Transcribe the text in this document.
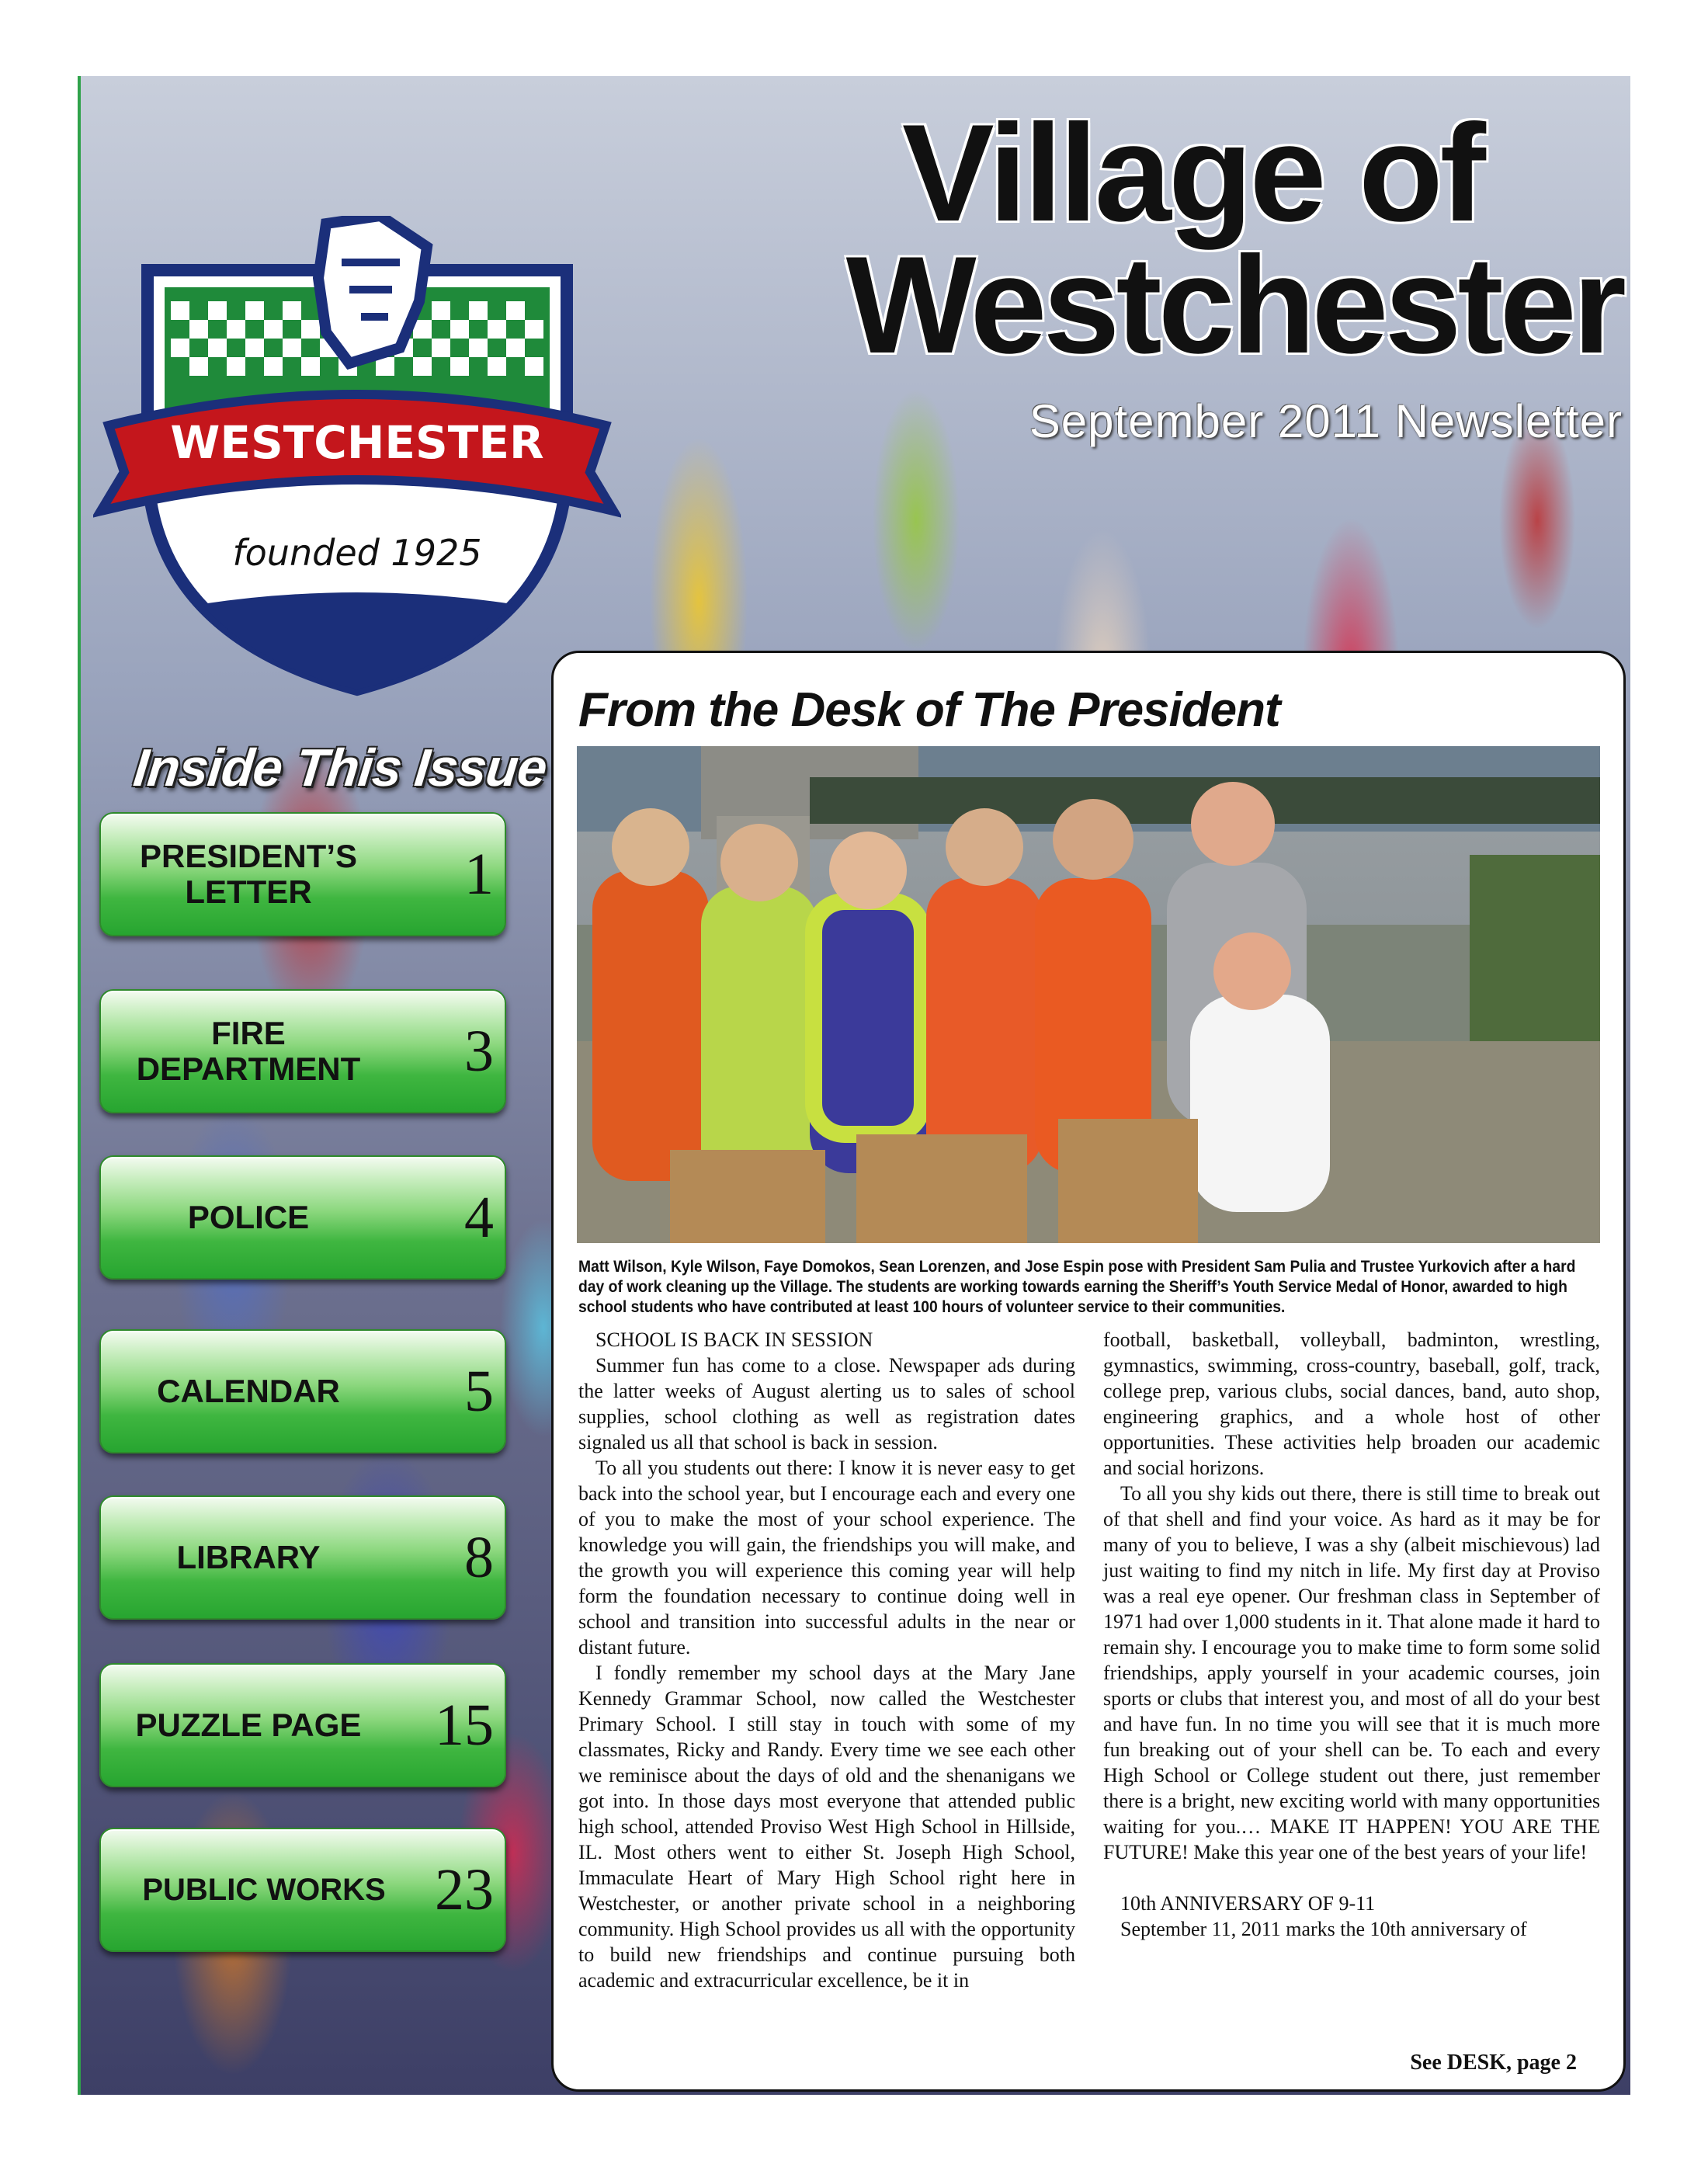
Village of
Westchester
September 2011 Newsletter
WESTCHESTER
founded 1925
Inside This Issue
PRESIDENT’S LETTER	1
FIRE DEPARTMENT	3
POLICE	4
CALENDAR	5
LIBRARY	8
PUZZLE PAGE 15
PUBLIC WORKS 23
From the Desk of The President
Matt Wilson, Kyle Wilson, Faye Domokos, Sean Lorenzen, and Jose Espin pose with President Sam Pulia and Trustee Yurkovich after a hard day of work cleaning up the Village. The students are working towards earning the Sheriff’s Youth Service Medal of Honor, awarded to high school students who have contributed at least 100 hours of volunteer service to their communities.

SCHOOL IS BACK IN SESSION

Summer fun has come to a close. Newspaper ads during the latter weeks of August alerting us to sales of school supplies, school clothing as well as registration dates signaled us all that school is back in session.

To all you students out there: I know it is never easy to get back into the school year, but I encourage each and every one of you to make the most of your school experience. The knowledge you will gain, the friendships you will make, and the growth you will experience this coming year will help form the foundation necessary to continue doing well in school and transition into successful adults in the near or distant future.

I fondly remember my school days at the Mary Jane Kennedy Grammar School, now called the Westchester Primary School. I still stay in touch with some of my classmates, Ricky and Randy. Every time we see each other we reminisce about the days of old and the shenanigans we got into. In those days most everyone that attended public high school, attended Proviso West High School in Hillside, IL. Most others went to either St. Joseph High School, Immaculate Heart of Mary High School right here in Westchester, or another private school in a neighboring community. High School provides us all with the opportunity to build new friendships and continue pursuing both academic and extracurricular excellence, be it in

football, basketball, volleyball, badminton, wrestling, gymnastics, swimming, cross-country, baseball, golf, track, college prep, various clubs, social dances, band, auto shop, engineering graphics, and a whole host of other opportunities. These activities help broaden our academic and social horizons.

To all you shy kids out there, there is still time to break out of that shell and find your voice. As hard as it may be for many of you to believe, I was a shy (albeit mischievous) lad just waiting to find my nitch in life. My first day at Proviso was a real eye opener. Our freshman class in September of 1971 had over 1,000 students in it. That alone made it hard to remain shy. I encourage you to make time to form some solid friendships, apply yourself in your academic courses, join sports or clubs that interest you, and most of all do your best and have fun. In no time you will see that it is much more fun breaking out of your shell can be. To each and every High School or College student out there, just remember there is a bright, new exciting world with many opportunities waiting for you.… MAKE IT HAPPEN! YOU ARE THE FUTURE! Make this year one of the best years of your life!

10th ANNIVERSARY OF 9-11

September 11, 2011 marks the 10th anniversary of

See DESK, page 2
